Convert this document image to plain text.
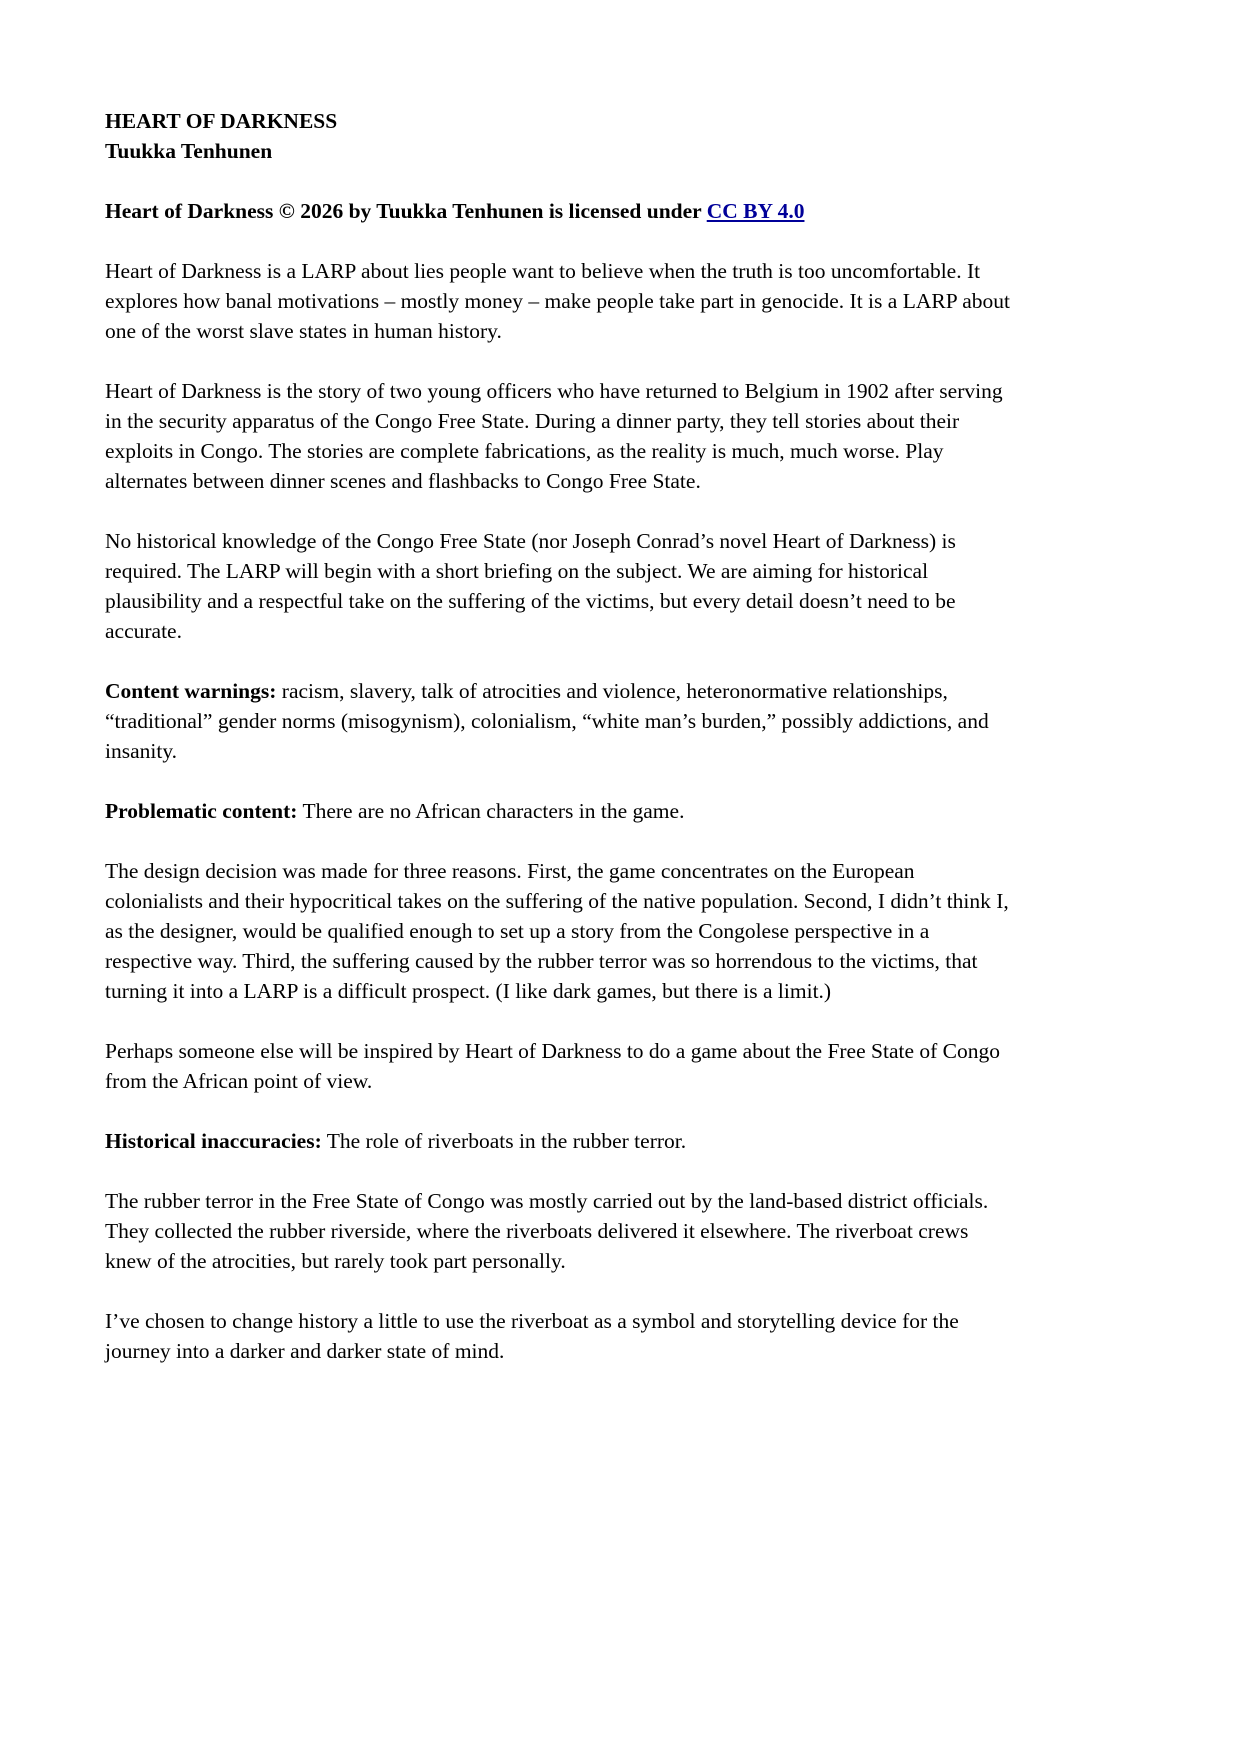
HEART OF DARKNESS
Tuukka Tenhunen

Heart of Darkness © 2026 by Tuukka Tenhunen is licensed under CC BY 4.0

Heart of Darkness is a LARP about lies people want to believe when the truth is too uncomfortable. It explores how banal motivations – mostly money – make people take part in genocide. It is a LARP about one of the worst slave states in human history.

Heart of Darkness is the story of two young officers who have returned to Belgium in 1902 after serving in the security apparatus of the Congo Free State. During a dinner party, they tell stories about their exploits in Congo. The stories are complete fabrications, as the reality is much, much worse. Play alternates between dinner scenes and flashbacks to Congo Free State.

No historical knowledge of the Congo Free State (nor Joseph Conrad’s novel Heart of Darkness) is required. The LARP will begin with a short briefing on the subject. We are aiming for historical plausibility and a respectful take on the suffering of the victims, but every detail doesn’t need to be accurate.

Content warnings: racism, slavery, talk of atrocities and violence, heteronormative relationships, “traditional” gender norms (misogynism), colonialism, “white man’s burden,” possibly addictions, and insanity.

Problematic content: There are no African characters in the game.

The design decision was made for three reasons. First, the game concentrates on the European colonialists and their hypocritical takes on the suffering of the native population. Second, I didn’t think I, as the designer, would be qualified enough to set up a story from the Congolese perspective in a respective way. Third, the suffering caused by the rubber terror was so horrendous to the victims, that turning it into a LARP is a difficult prospect. (I like dark games, but there is a limit.)

Perhaps someone else will be inspired by Heart of Darkness to do a game about the Free State of Congo from the African point of view.

Historical inaccuracies: The role of riverboats in the rubber terror.

The rubber terror in the Free State of Congo was mostly carried out by the land-based district officials. They collected the rubber riverside, where the riverboats delivered it elsewhere. The riverboat crews knew of the atrocities, but rarely took part personally.

I’ve chosen to change history a little to use the riverboat as a symbol and storytelling device for the journey into a darker and darker state of mind.
